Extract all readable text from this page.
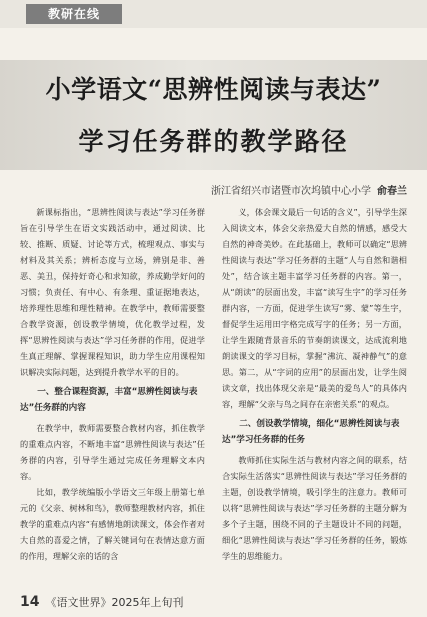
教研在线
小学语文“思辨性阅读与表达”
学习任务群的教学路径
浙江省绍兴市诸暨市次坞镇中心小学 俞春兰

新课标指出，“思辨性阅读与表达”学习任务群旨在引导学生在语文实践活动中，通过阅读、比较、推断、质疑、讨论等方式，梳理观点、事实与材料及其关系；辨析态度与立场，辨别是非、善恶、美丑，保持好奇心和求知欲，养成勤学好问的习惯；负责任、有中心、有条理、重证据地表达，培养理性思维和理性精神。在教学中，教师需要整合教学资源，创设教学情境，优化教学过程，发挥“思辨性阅读与表达”学习任务群的作用，促进学生真正理解、掌握课程知识，助力学生应用课程知识解决实际问题，达到提升教学水平的目的。

一、整合课程资源，丰富“思辨性阅读与表达”任务群的内容

在教学中，教师需要整合教材内容，抓住教学的重难点内容，不断地丰富“思辨性阅读与表达”任务群的内容，引导学生通过完成任务理解文本内容。

比如，教学统编版小学语文三年级上册第七单元的《父亲、树林和鸟》，教师整理教材内容，抓住教学的重难点内容“有感情地朗读课文，体会作者对大自然的喜爱之情，了解关键词句在表情达意方面的作用，理解父亲的话的含

义，体会课文最后一句话的含义”，引导学生深入阅读文本，体会父亲热爱大自然的情感，感受大自然的神奇美妙。在此基础上，教师可以确定“思辨性阅读与表达”学习任务群的主题“人与自然和谐相处”，结合该主题丰富学习任务群的内容。第一，从“朗读”的层面出发，丰富“读写生字”的学习任务群内容，一方面，促进学生读写“雾、蒙”等生字，督促学生运用田字格完成写字的任务；另一方面，让学生跟随背景音乐的节奏朗读课文，达成流利地朗读课文的学习目标，掌握“沸沆、凝神静气”的意思。第二，从“字词的应用”的层面出发，让学生阅读文章，找出体现父亲是“最美的爱鸟人”的具体内容，理解“父亲与鸟之间存在亲密关系”的观点。

二、创设教学情境，细化“思辨性阅读与表达”学习任务群的任务

教师抓住实际生活与教材内容之间的联系，结合实际生活落实“思辨性阅读与表达”学习任务群的主题，创设教学情境，吸引学生的注意力。教师可以将“思辨性阅读与表达”学习任务群的主题分解为多个子主题，围绕不同的子主题设计不同的问题，细化“思辨性阅读与表达”学习任务群的任务，锻炼学生的思维能力。

14 《语文世界》2025年上旬刊
